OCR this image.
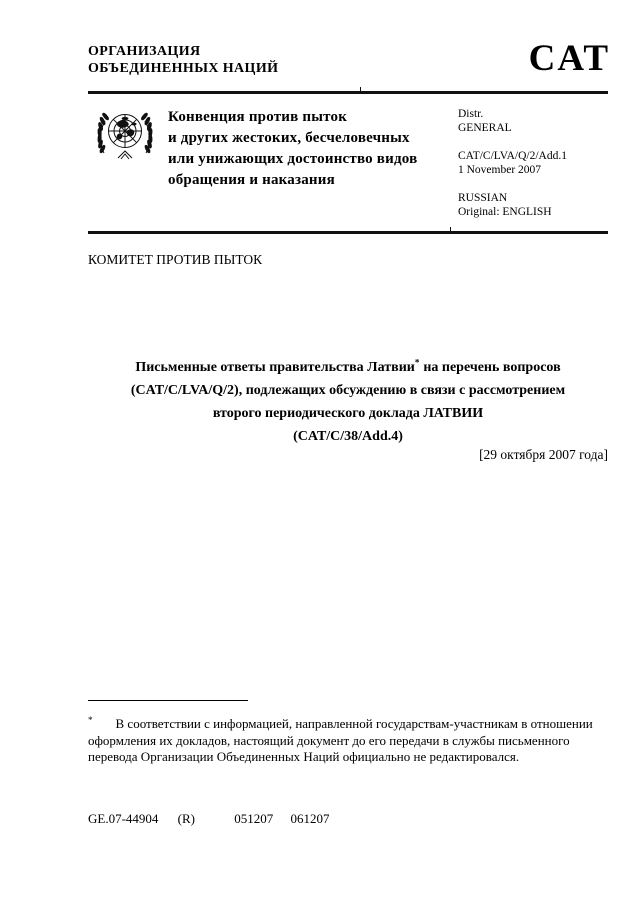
ОРГАНИЗАЦИЯ
ОБЪЕДИНЕННЫХ НАЦИЙ	CAT
Конвенция против пыток
и других жестоких, бесчеловечных
или унижающих достоинство видов
обращения и наказания
Distr.
GENERAL
CAT/C/LVA/Q/2/Add.1
1 November 2007
RUSSIAN
Original: ENGLISH
КОМИТЕТ ПРОТИВ ПЫТОК
Письменные ответы правительства Латвии* на перечень вопросов
(CAT/C/LVA/Q/2), подлежащих обсуждению в связи с рассмотрением
второго периодического доклада ЛАТВИИ
(CAT/C/38/Add.4)
[29 октября 2007 года]

* В соответствии с информацией, направленной государствам-участникам в отношении оформления их докладов, настоящий документ до его передачи в службы письменного перевода Организации Объединенных Наций официально не редактировался.

GE.07-44904 (R)	051207 061207
